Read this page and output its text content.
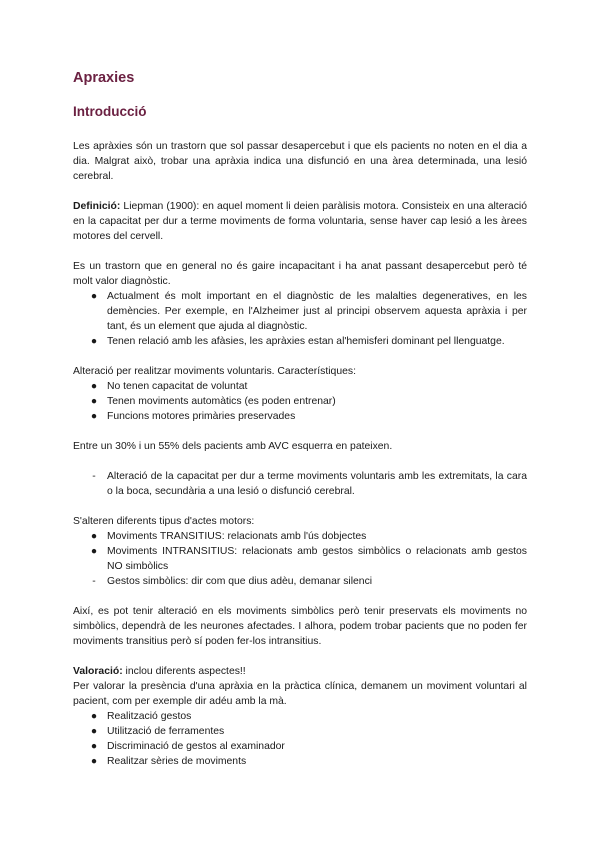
Apraxies
Introducció

Les apràxies són un trastorn que sol passar desapercebut i que els pacients no noten en el dia a dia. Malgrat això, trobar una apràxia indica una disfunció en una àrea determinada, una lesió cerebral.

Definició: Liepman (1900): en aquel moment li deien paràlisis motora. Consisteix en una alteració en la capacitat per dur a terme moviments de forma voluntaria, sense haver cap lesió a les àrees motores del cervell.

Es un trastorn que en general no és gaire incapacitant i ha anat passant desapercebut però té molt valor diagnòstic.

● Actualment és molt important en el diagnòstic de les malalties degeneratives, en les demències. Per exemple, en l'Alzheimer just al principi observem aquesta apràxia i per tant, és un element que ajuda al diagnòstic.
● Tenen relació amb les afàsies, les apràxies estan al'hemisferi dominant pel llenguatge.

Alteració per realitzar moviments voluntaris. Característiques:

● No tenen capacitat de voluntat
● Tenen moviments automàtics (es poden entrenar)
● Funcions motores primàries preservades

Entre un 30% i un 55% dels pacients amb AVC esquerra en pateixen.

-	Alteració de la capacitat per dur a terme moviments voluntaris amb les extremitats, la cara o la boca, secundària a una lesió o disfunció cerebral.

S'alteren diferents tipus d'actes motors:

● Moviments TRANSITIUS: relacionats amb l'ús dobjectes
● Moviments INTRANSITIUS: relacionats amb gestos simbòlics o relacionats amb gestos NO simbòlics
-	Gestos simbòlics: dir com que dius adèu, demanar silenci

Així, es pot tenir alteració en els moviments simbòlics però tenir preservats els moviments no simbòlics, dependrà de les neurones afectades. I alhora, podem trobar pacients que no poden fer moviments transitius però sí poden fer-los intransitius.

Valoració: inclou diferents aspectes!!

Per valorar la presència d'una apràxia en la pràctica clínica, demanem un moviment voluntari al pacient, com per exemple dir adéu amb la mà.

● Realització gestos
● Utilització de ferramentes
● Discriminació de gestos al examinador
● Realitzar sèries de moviments
